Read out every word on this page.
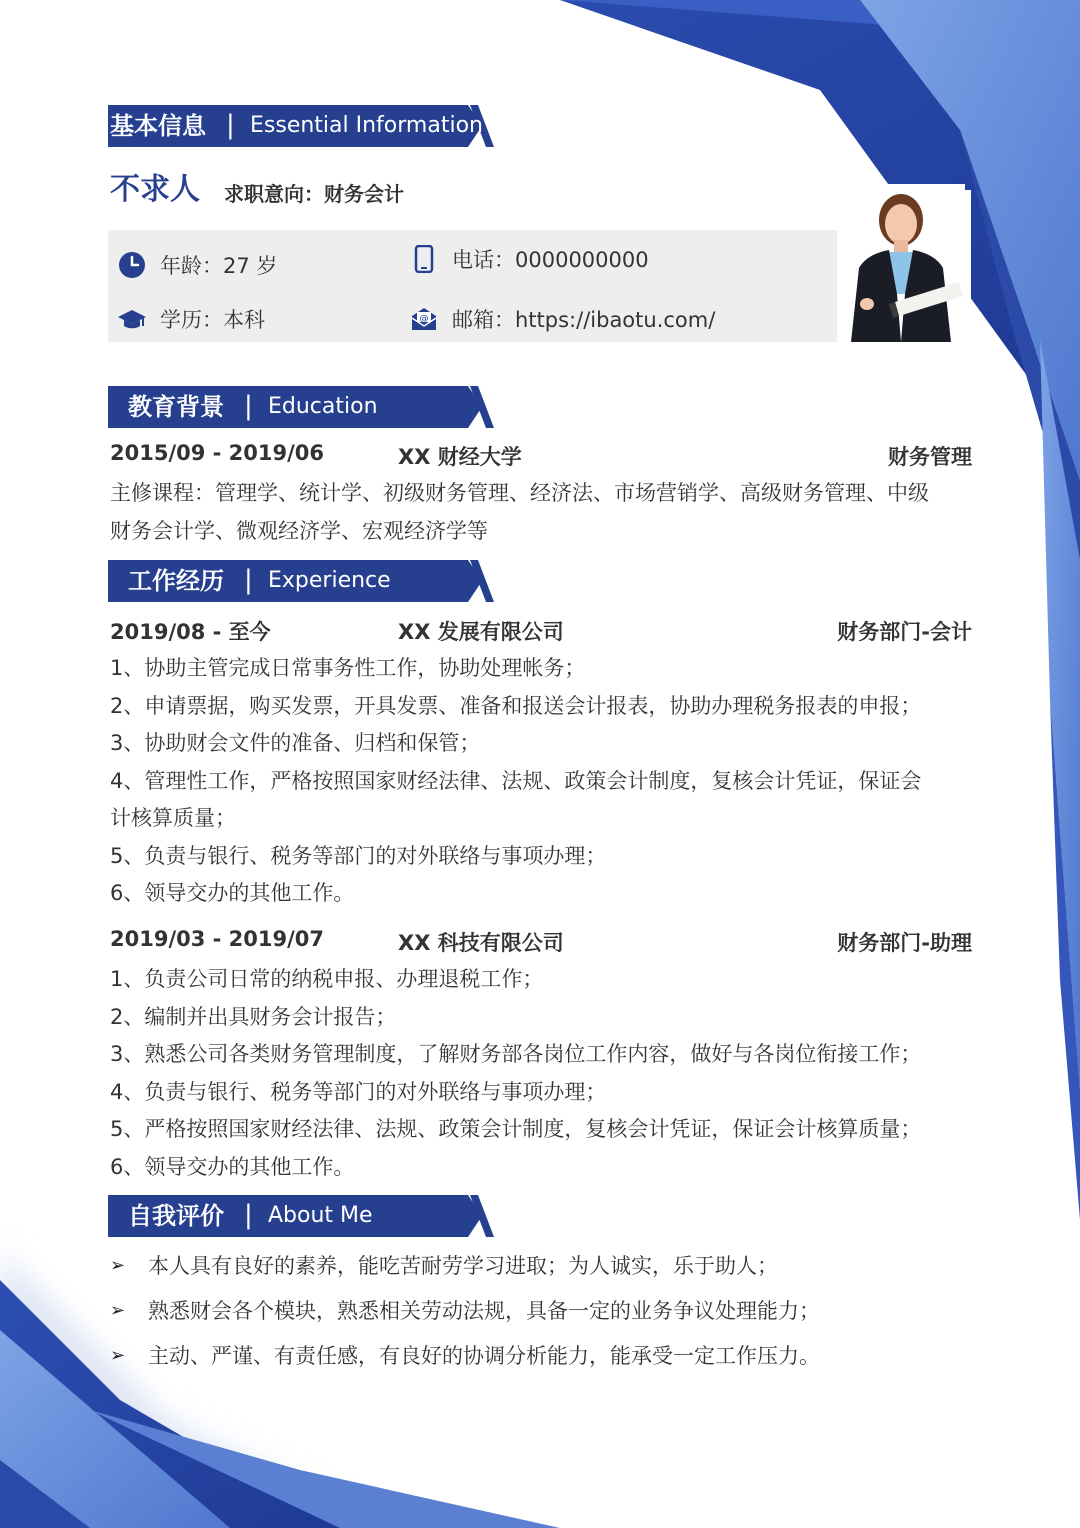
基本信息 | Essential Information
不求人 求职意向：财务会计
年龄：27 岁	电话：0000000000
学历：本科	@ 邮箱：https://ibaotu.com/
教育背景 | Education
2015/09 - 2019/06	XX 财经大学	财务管理
主修课程：管理学、统计学、初级财务管理、经济法、市场营销学、高级财务管理、中级
财务会计学、微观经济学、宏观经济学等
工作经历 | Experience
2019/08 - 至今	XX 发展有限公司	财务部门-会计
1、协助主管完成日常事务性工作，协助处理帐务；
2、申请票据，购买发票，开具发票、准备和报送会计报表，协助办理税务报表的申报；
3、协助财会文件的准备、归档和保管；
4、管理性工作，严格按照国家财经法律、法规、政策会计制度，复核会计凭证，保证会
计核算质量；
5、负责与银行、税务等部门的对外联络与事项办理；
6、领导交办的其他工作。
2019/03 - 2019/07	XX 科技有限公司	财务部门-助理
1、负责公司日常的纳税申报、办理退税工作；
2、编制并出具财务会计报告；
3、熟悉公司各类财务管理制度，了解财务部各岗位工作内容，做好与各岗位衔接工作；
4、负责与银行、税务等部门的对外联络与事项办理；
5、严格按照国家财经法律、法规、政策会计制度，复核会计凭证，保证会计核算质量；
6、领导交办的其他工作。
自我评价 | About Me
➢	本人具有良好的素养，能吃苦耐劳学习进取；为人诚实，乐于助人；
➢	熟悉财会各个模块，熟悉相关劳动法规，具备一定的业务争议处理能力；
➢	主动、严谨、有责任感，有良好的协调分析能力，能承受一定工作压力。
